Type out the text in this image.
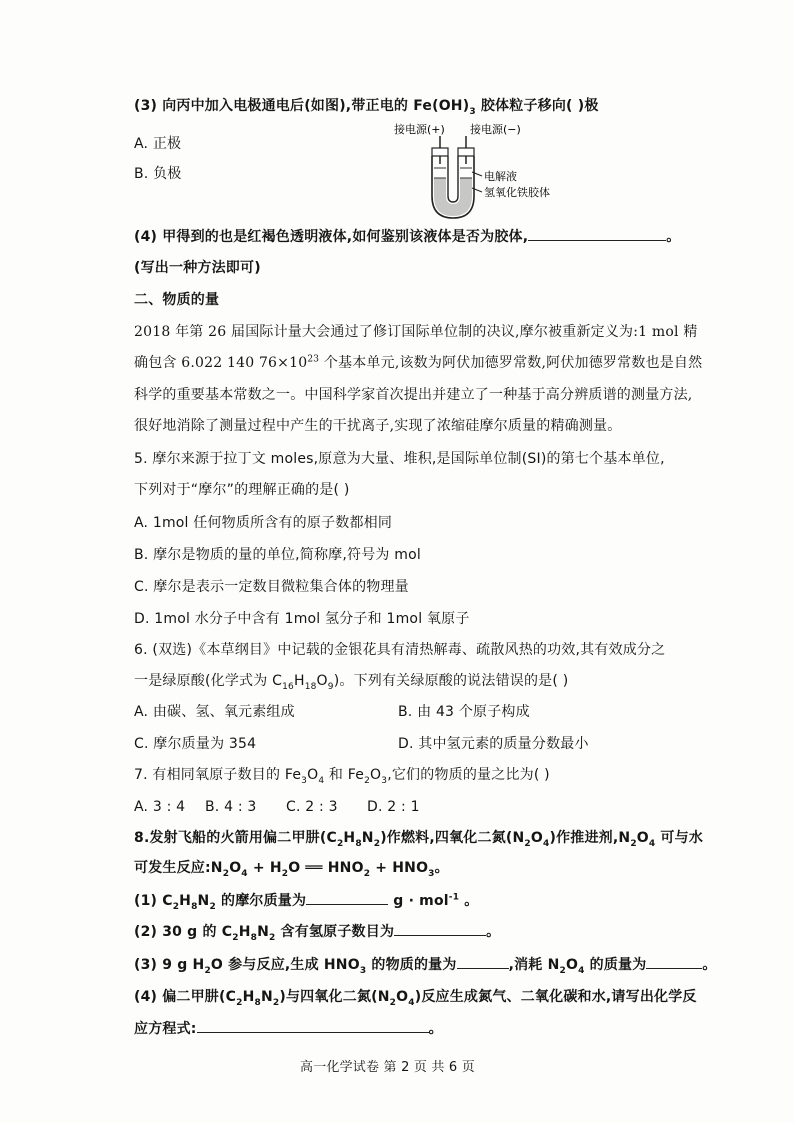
(3) 向丙中加入电极通电后(如图),带正电的 $Fe(OH)_3$ 胶体粒子移向( )极
A. 正极
B. 负极
接电源(+) 接电源(−)
电解液
氢氧化铁胶体
(4) 甲得到的也是红褐色透明液体,如何鉴别该液体是否为胶体,	。
(写出一种方法即可)
二、物质的量
2018 年第 26 届国际计量大会通过了修订国际单位制的决议,摩尔被重新定义为:1 mol 精
确包含 6.022 140 $76\times 10^{23}$ 个基本单元,该数为阿伏加德罗常数,阿伏加德罗常数也是自然
科学的重要基本常数之一。中国科学家首次提出并建立了一种基于高分辨质谱的测量方法,
很好地消除了测量过程中产生的干扰离子,实现了浓缩硅摩尔质量的精确测量。
5. 摩尔来源于拉丁文 moles,原意为大量、堆积,是国际单位制(SI)的第七个基本单位,
下列对于“摩尔”的理解正确的是( )
A. 1mol 任何物质所含有的原子数都相同
B. 摩尔是物质的量的单位,简称摩,符号为 mol
C. 摩尔是表示一定数目微粒集合体的物理量
D. 1mol 水分子中含有 1mol 氢分子和 1mol 氧原子
6. (双选)《本草纲目》中记载的金银花具有清热解毒、疏散风热的功效,其有效成分之
一是绿原酸(化学式为 $C_{16}H_{18}O_9$)。下列有关绿原酸的说法错误的是( )
A. 由碳、氢、氧元素组成	B. 由 43 个原子构成
C. 摩尔质量为 354	D. 其中氢元素的质量分数最小
7. 有相同氧原子数目的 $Fe_3O_4$ 和 $Fe_2O_3$,它们的物质的量之比为( )
A. 3 : 4 B. 4 : 3 C. 2 : 3 D. 2 : 1
8.发射飞船的火箭用偏二甲肼$(C_2H_8N_2)$作燃料,四氧化二氮$(N_2O_4)$作推进剂$,N_2O_4$ 可与水
可发生反应$:N_2O_4 + H_2O$ ══ $HNO_2 + HNO_3$。
(1) $C_2H_8N_2$ 的摩尔质量为	g · mol$^{-1}$ 。
(2) 30 g 的 $C_2H_8N_2$ 含有氢原子数目为	。
(3) 9 g $H_2O$ 参与反应,生成 $HNO_3$ 的物质的量为	,消耗 $N_2O_4$ 的质量为	。
(4) 偏二甲肼$(C_2H_8N_2)$与四氧化二氮$(N_2O_4)$反应生成氮气、二氧化碳和水,请写出化学反
应方程式:	。
高一化学试卷 第 2 页 共 6 页
